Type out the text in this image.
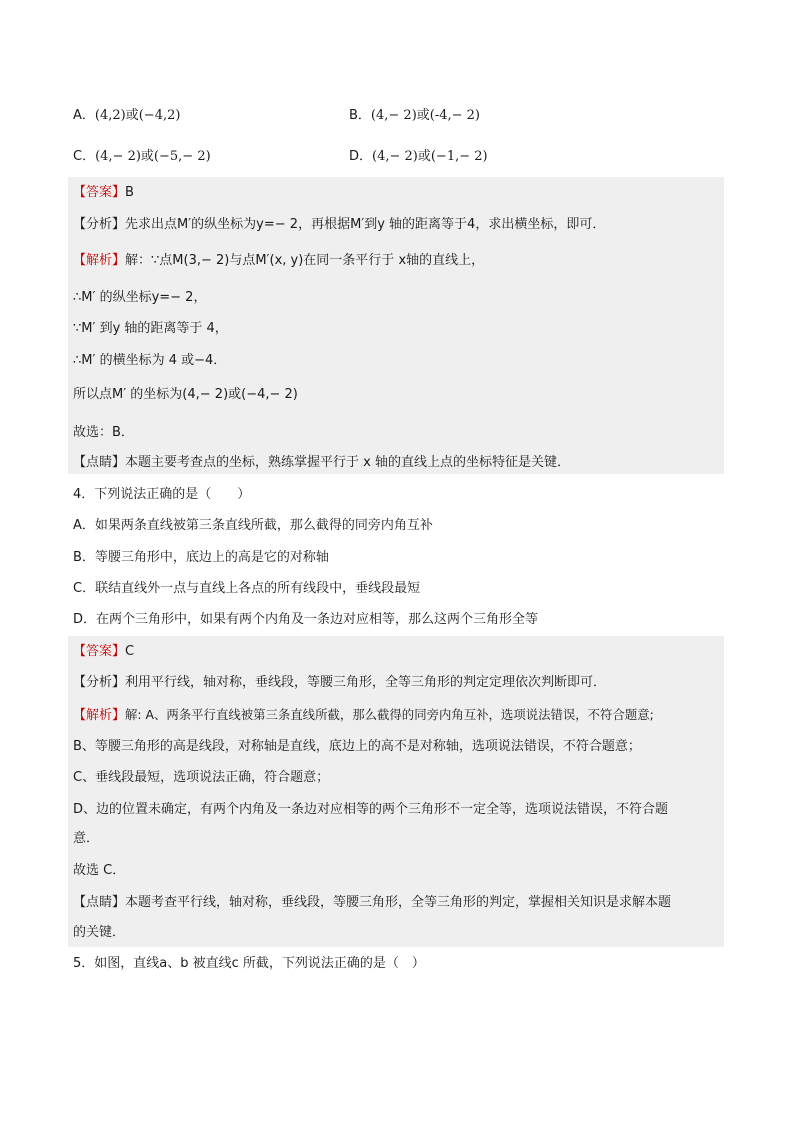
A．(4,2)或(−4,2)	B．(4,− 2)或(-4,− 2)
C．(4,− 2)或(−5,− 2)	D．(4,− 2)或(−1,− 2)
【答案】B
【分析】先求出点M′的纵坐标为y=− 2，再根据M′到y 轴的距离等于4，求出横坐标，即可．
【解析】解：∵点M(3,− 2)与点M′(x, y)在同一条平行于 x轴的直线上，
∴M′ 的纵坐标y=− 2，
∵M′ 到y 轴的距离等于 4，
∴M′ 的横坐标为 4 或−4．
所以点M′ 的坐标为(4,− 2)或(−4,− 2)
故选：B．
【点睛】本题主要考查点的坐标，熟练掌握平行于 x 轴的直线上点的坐标特征是关键．
4．下列说法正确的是（　　）
A．如果两条直线被第三条直线所截，那么截得的同旁内角互补
B．等腰三角形中，底边上的高是它的对称轴
C．联结直线外一点与直线上各点的所有线段中，垂线段最短
D．在两个三角形中，如果有两个内角及一条边对应相等，那么这两个三角形全等
【答案】C
【分析】利用平行线，轴对称，垂线段，等腰三角形，全等三角形的判定定理依次判断即可．
【解析】解: A、两条平行直线被第三条直线所截，那么截得的同旁内角互补，选项说法错误，不符合题意;
B、等腰三角形的高是线段，对称轴是直线，底边上的高不是对称轴，选项说法错误，不符合题意；
C、垂线段最短，选项说法正确，符合题意；
D、边的位置未确定，有两个内角及一条边对应相等的两个三角形不一定全等，选项说法错误，不符合题
意．
故选 C．
【点睛】本题考查平行线，轴对称，垂线段，等腰三角形，全等三角形的判定，掌握相关知识是求解本题
的关键．
5．如图，直线a、b 被直线c 所截，下列说法正确的是（　）
